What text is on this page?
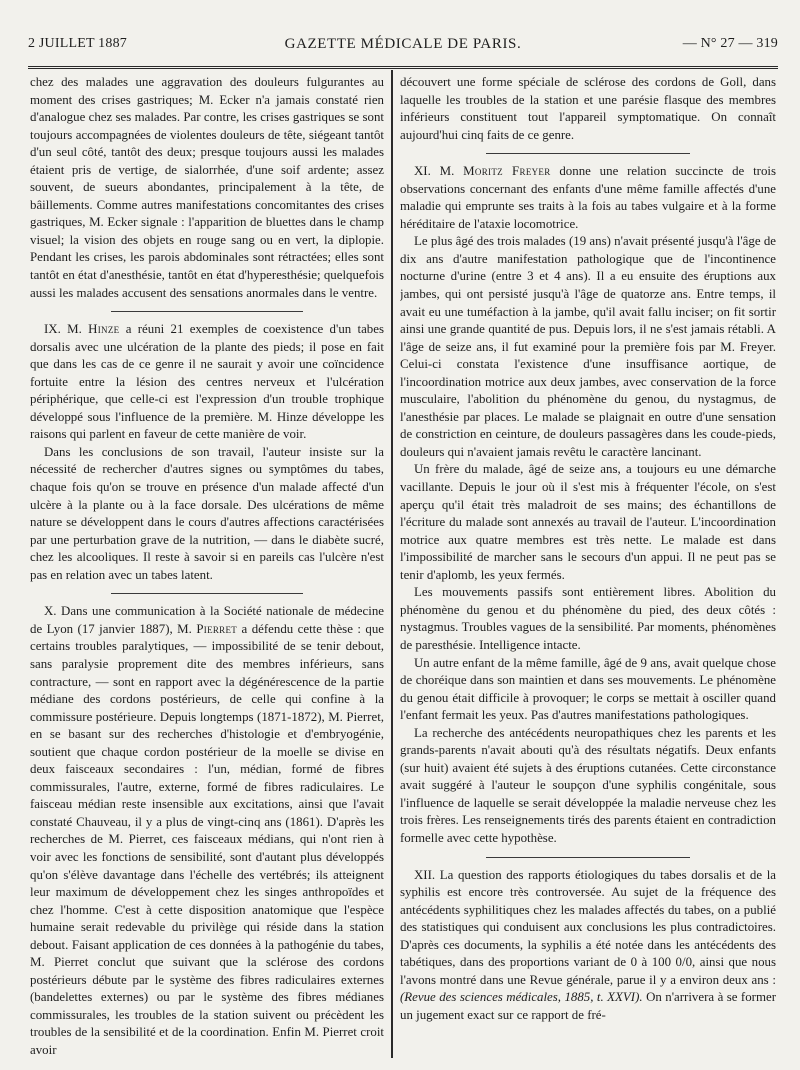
2 JUILLET 1887	GAZETTE MÉDICALE DE PARIS.	— N° 27 — 319

chez des malades une aggravation des douleurs fulgurantes au moment des crises gastriques; M. Ecker n'a jamais constaté rien d'analogue chez ses malades. Par contre, les crises gastriques se sont toujours accompagnées de violentes douleurs de tête, siégeant tantôt d'un seul côté, tantôt des deux; presque toujours aussi les malades étaient pris de vertige, de sialorrhée, d'une soif ardente; assez souvent, de sueurs abondantes, principalement à la tête, de bâillements. Comme autres manifestations concomitantes des crises gastriques, M. Ecker signale : l'apparition de bluettes dans le champ visuel; la vision des objets en rouge sang ou en vert, la diplopie. Pendant les crises, les parois abdominales sont rétractées; elles sont tantôt en état d'anesthésie, tantôt en état d'hyperesthésie; quelquefois aussi les malades accusent des sensations anormales dans le ventre.

IX. M. Hinze a réuni 21 exemples de coexistence d'un tabes dorsalis avec une ulcération de la plante des pieds; il pose en fait que dans les cas de ce genre il ne saurait y avoir une coïncidence fortuite entre la lésion des centres nerveux et l'ulcération périphérique, que celle-ci est l'expression d'un trouble trophique développé sous l'influence de la première. M. Hinze développe les raisons qui parlent en faveur de cette manière de voir.

Dans les conclusions de son travail, l'auteur insiste sur la nécessité de rechercher d'autres signes ou symptômes du tabes, chaque fois qu'on se trouve en présence d'un malade affecté d'un ulcère à la plante ou à la face dorsale. Des ulcérations de même nature se développent dans le cours d'autres affections caractérisées par une perturbation grave de la nutrition, — dans le diabète sucré, chez les alcooliques. Il reste à savoir si en pareils cas l'ulcère n'est pas en relation avec un tabes latent.

X. Dans une communication à la Société nationale de médecine de Lyon (17 janvier 1887), M. Pierret a défendu cette thèse : que certains troubles paralytiques, — impossibilité de se tenir debout, sans paralysie proprement dite des membres inférieurs, sans contracture, — sont en rapport avec la dégénérescence de la partie médiane des cordons postérieurs, de celle qui confine à la commissure postérieure. Depuis longtemps (1871-1872), M. Pierret, en se basant sur des recherches d'histologie et d'embryogénie, soutient que chaque cordon postérieur de la moelle se divise en deux faisceaux secondaires : l'un, médian, formé de fibres commissurales, l'autre, externe, formé de fibres radiculaires. Le faisceau médian reste insensible aux excitations, ainsi que l'avait constaté Chauveau, il y a plus de vingt-cinq ans (1861). D'après les recherches de M. Pierret, ces faisceaux médians, qui n'ont rien à voir avec les fonctions de sensibilité, sont d'autant plus développés qu'on s'élève davantage dans l'échelle des vertébrés; ils atteignent leur maximum de développement chez les singes anthropoïdes et chez l'homme. C'est à cette disposition anatomique que l'espèce humaine serait redevable du privilège qui réside dans la station debout. Faisant application de ces données à la pathogénie du tabes, M. Pierret conclut que suivant que la sclérose des cordons postérieurs débute par le système des fibres radiculaires externes (bandelettes externes) ou par le système des fibres médianes commissurales, les troubles de la station suivent ou précèdent les troubles de la sensibilité et de la coordination. Enfin M. Pierret croit avoir

découvert une forme spéciale de sclérose des cordons de Goll, dans laquelle les troubles de la station et une parésie flasque des membres inférieurs constituent tout l'appareil symptomatique. On connaît aujourd'hui cinq faits de ce genre.

XI. M. Moritz Freyer donne une relation succincte de trois observations concernant des enfants d'une même famille affectés d'une maladie qui emprunte ses traits à la fois au tabes vulgaire et à la forme héréditaire de l'ataxie locomotrice.

Le plus âgé des trois malades (19 ans) n'avait présenté jusqu'à l'âge de dix ans d'autre manifestation pathologique que de l'incontinence nocturne d'urine (entre 3 et 4 ans). Il a eu ensuite des éruptions aux jambes, qui ont persisté jusqu'à l'âge de quatorze ans. Entre temps, il avait eu une tuméfaction à la jambe, qu'il avait fallu inciser; on fit sortir ainsi une grande quantité de pus. Depuis lors, il ne s'est jamais rétabli. A l'âge de seize ans, il fut examiné pour la première fois par M. Freyer. Celui-ci constata l'existence d'une insuffisance aortique, de l'incoordination motrice aux deux jambes, avec conservation de la force musculaire, l'abolition du phénomène du genou, du nystagmus, de l'anesthésie par places. Le malade se plaignait en outre d'une sensation de constriction en ceinture, de douleurs passagères dans les coude-pieds, douleurs qui n'avaient jamais revêtu le caractère lancinant.

Un frère du malade, âgé de seize ans, a toujours eu une démarche vacillante. Depuis le jour où il s'est mis à fréquenter l'école, on s'est aperçu qu'il était très maladroit de ses mains; des échantillons de l'écriture du malade sont annexés au travail de l'auteur. L'incoordination motrice aux quatre membres est très nette. Le malade est dans l'impossibilité de marcher sans le secours d'un appui. Il ne peut pas se tenir d'aplomb, les yeux fermés.

Les mouvements passifs sont entièrement libres. Abolition du phénomène du genou et du phénomène du pied, des deux côtés : nystagmus. Troubles vagues de la sensibilité. Par moments, phénomènes de paresthésie. Intelligence intacte.

Un autre enfant de la même famille, âgé de 9 ans, avait quelque chose de choréique dans son maintien et dans ses mouvements. Le phénomène du genou était difficile à provoquer; le corps se mettait à osciller quand l'enfant fermait les yeux. Pas d'autres manifestations pathologiques.

La recherche des antécédents neuropathiques chez les parents et les grands-parents n'avait abouti qu'à des résultats négatifs. Deux enfants (sur huit) avaient été sujets à des éruptions cutanées. Cette circonstance avait suggéré à l'auteur le soupçon d'une syphilis congénitale, sous l'influence de laquelle se serait développée la maladie nerveuse chez les trois frères. Les renseignements tirés des parents étaient en contradiction formelle avec cette hypothèse.

XII. La question des rapports étiologiques du tabes dorsalis et de la syphilis est encore très controversée. Au sujet de la fréquence des antécédents syphilitiques chez les malades affectés du tabes, on a publié des statistiques qui conduisent aux conclusions les plus contradictoires. D'après ces documents, la syphilis a été notée dans les antécédents des tabétiques, dans des proportions variant de 0 à 100 0/0, ainsi que nous l'avons montré dans une Revue générale, parue il y a environ deux ans : (Revue des sciences médicales, 1885, t. XXVI). On n'arrivera à se former un jugement exact sur ce rapport de fré-
